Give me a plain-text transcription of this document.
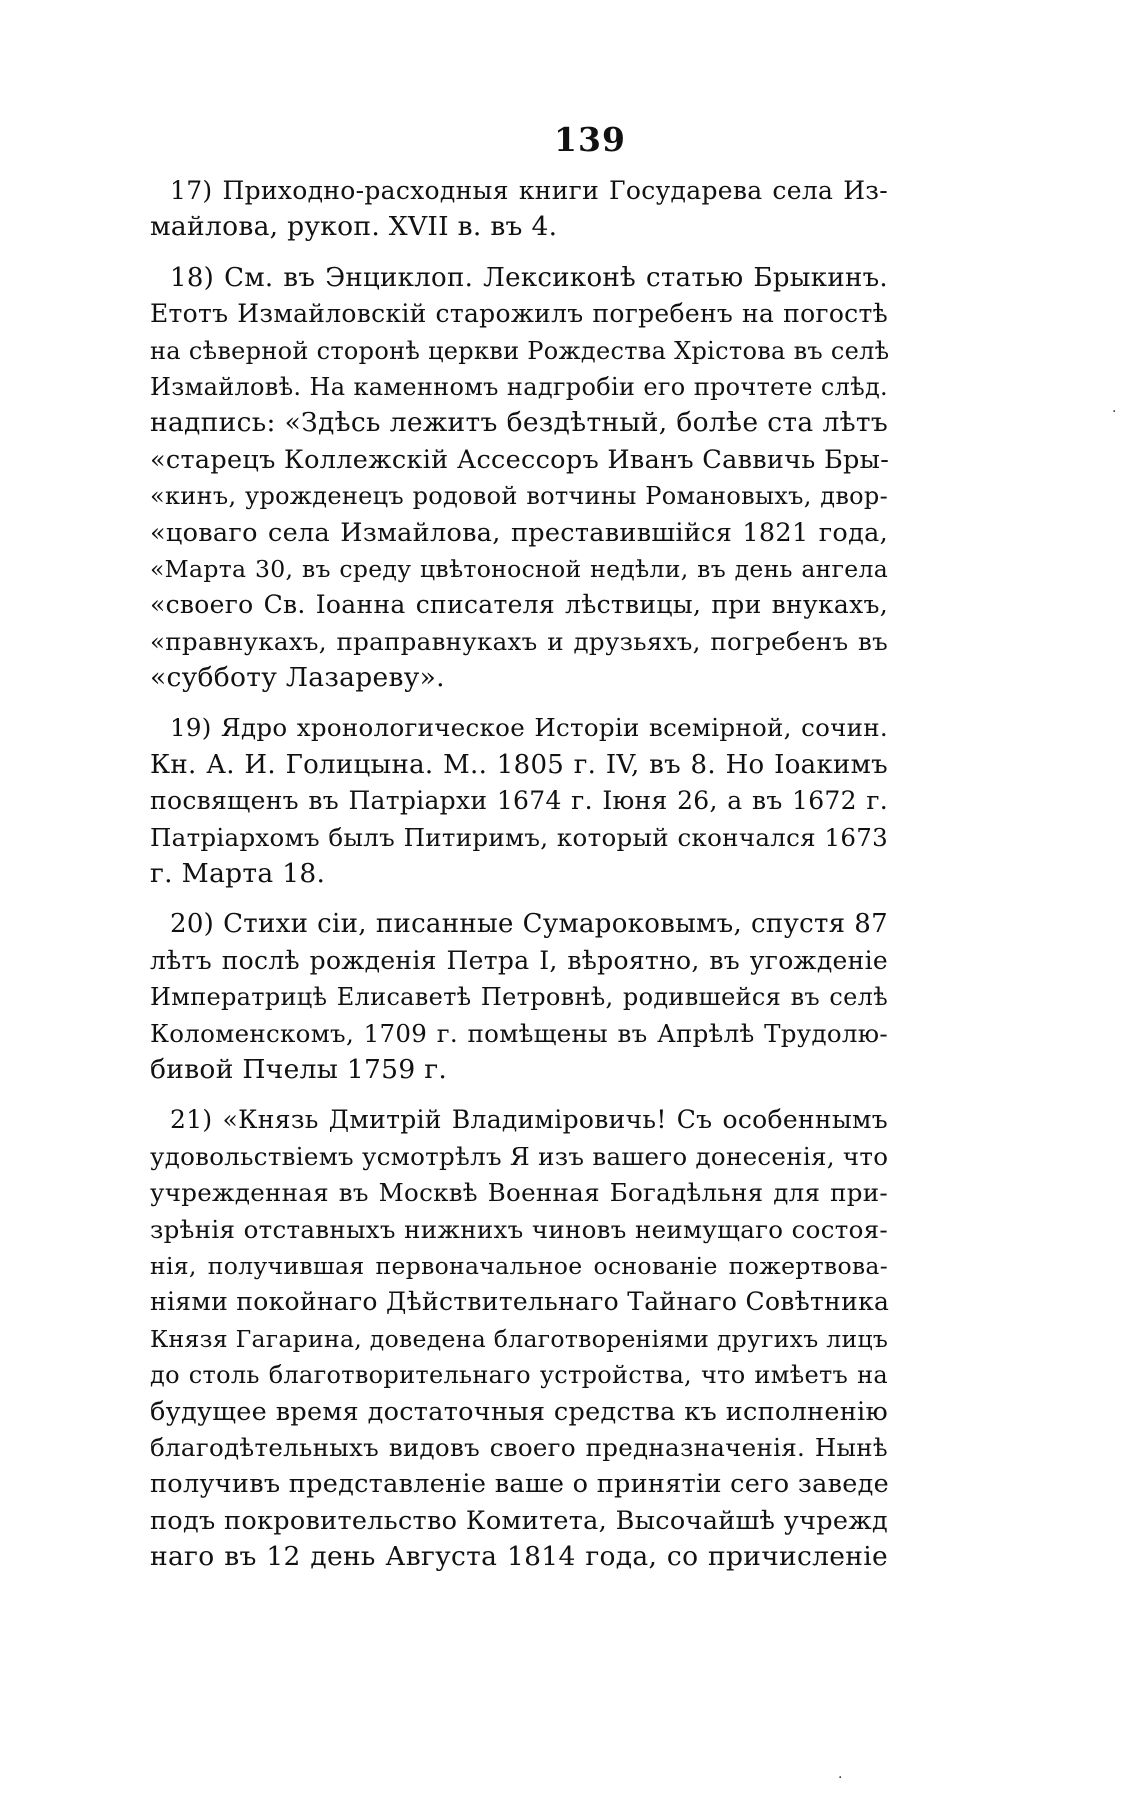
139
17) Приходно-расходныя книги Государева села Из-
майлова, рукоп. XVII в. въ 4.
18) См. въ Энциклоп. Лексиконѣ статью Брыкинъ.
Етотъ Измайловскій старожилъ погребенъ на погостѣ
на сѣверной сторонѣ церкви Рождества Хрістова въ селѣ
Измайловѣ. На каменномъ надгробіи его прочтете слѣд.
надпись: «Здѣсь лежитъ бездѣтный, болѣе ста лѣтъ
«старецъ Коллежскій Ассессоръ Иванъ Саввичь Бры-
«кинъ, урожденецъ родовой вотчины Романовыхъ, двор-
«цоваго села Измайлова, преставившійся 1821 года,
«Марта 30, въ среду цвѣтоносной недѣли, въ день ангела
«своего Св. Іоанна списателя лѣствицы, при внукахъ,
«правнукахъ, праправнукахъ и друзьяхъ, погребенъ въ
«субботу Лазареву».
19) Ядро хронологическое Исторіи всемірной, сочин.
Кн. А. И. Голицына. М.. 1805 г. IV, въ 8. Но Іоакимъ
посвященъ въ Патріархи 1674 г. Іюня 26, а въ 1672 г.
Патріархомъ былъ Питиримъ, который скончался 1673
г. Марта 18.
20) Стихи сіи, писанные Сумароковымъ, спустя 87
лѣтъ послѣ рожденія Петра I, вѣроятно, въ угожденіе
Императрицѣ Елисаветѣ Петровнѣ, родившейся въ селѣ
Коломенскомъ, 1709 г. помѣщены въ Апрѣлѣ Трудолю-
бивой Пчелы 1759 г.
21) «Князь Дмитрій Владиміровичь! Съ особеннымъ
удовольствіемъ усмотрѣлъ Я изъ вашего донесенія, что
учрежденная въ Москвѣ Военная Богадѣльня для при-
зрѣнія отставныхъ нижнихъ чиновъ неимущаго состоя-
нія, получившая первоначальное основаніе пожертвова-
ніями покойнаго Дѣйствительнаго Тайнаго Совѣтника
Князя Гагарина, доведена благотвореніями другихъ лицъ
до столь благотворительнаго устройства, что имѣетъ на
будущее время достаточныя средства къ исполненію
благодѣтельныхъ видовъ своего предназначенія. Нынѣ
получивъ представленіе ваше о принятіи сего заведе
подъ покровительство Комитета, Высочайшѣ учрежд
наго въ 12 день Августа 1814 года, со причисленіе
·
·
